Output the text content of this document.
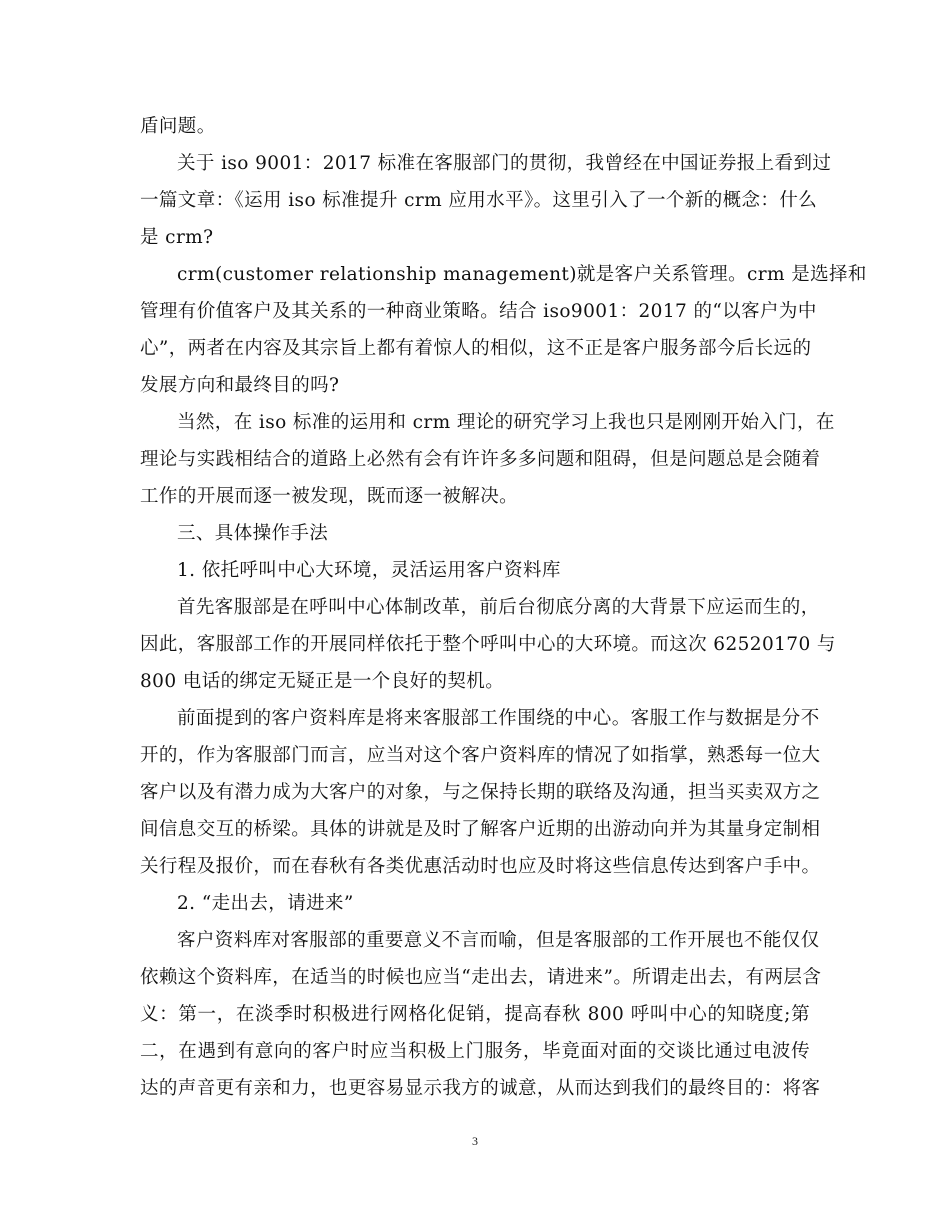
盾问题。
关于 iso 9001：2017 标准在客服部门的贯彻，我曾经在中国证券报上看到过
一篇文章：《运用 iso 标准提升 crm 应用水平》。这里引入了一个新的概念：什么
是 crm?
crm(customer relationship management)就是客户关系管理。crm 是选择和
管理有价值客户及其关系的一种商业策略。结合 iso9001：2017 的“以客户为中
心”，两者在内容及其宗旨上都有着惊人的相似，这不正是客户服务部今后长远的
发展方向和最终目的吗?
当然，在 iso 标准的运用和 crm 理论的研究学习上我也只是刚刚开始入门，在
理论与实践相结合的道路上必然有会有许许多多问题和阻碍，但是问题总是会随着
工作的开展而逐一被发现，既而逐一被解决。
三、具体操作手法
1. 依托呼叫中心大环境，灵活运用客户资料库
首先客服部是在呼叫中心体制改革，前后台彻底分离的大背景下应运而生的，
因此，客服部工作的开展同样依托于整个呼叫中心的大环境。而这次 62520170 与
800 电话的绑定无疑正是一个良好的契机。
前面提到的客户资料库是将来客服部工作围绕的中心。客服工作与数据是分不
开的，作为客服部门而言，应当对这个客户资料库的情况了如指掌，熟悉每一位大
客户以及有潜力成为大客户的对象，与之保持长期的联络及沟通，担当买卖双方之
间信息交互的桥梁。具体的讲就是及时了解客户近期的出游动向并为其量身定制相
关行程及报价，而在春秋有各类优惠活动时也应及时将这些信息传达到客户手中。
2. “走出去，请进来”
客户资料库对客服部的重要意义不言而喻，但是客服部的工作开展也不能仅仅
依赖这个资料库，在适当的时候也应当“走出去，请进来”。所谓走出去，有两层含
义：第一，在淡季时积极进行网格化促销，提高春秋 800 呼叫中心的知晓度;第
二，在遇到有意向的客户时应当积极上门服务，毕竟面对面的交谈比通过电波传
达的声音更有亲和力，也更容易显示我方的诚意，从而达到我们的最终目的：将客
3
